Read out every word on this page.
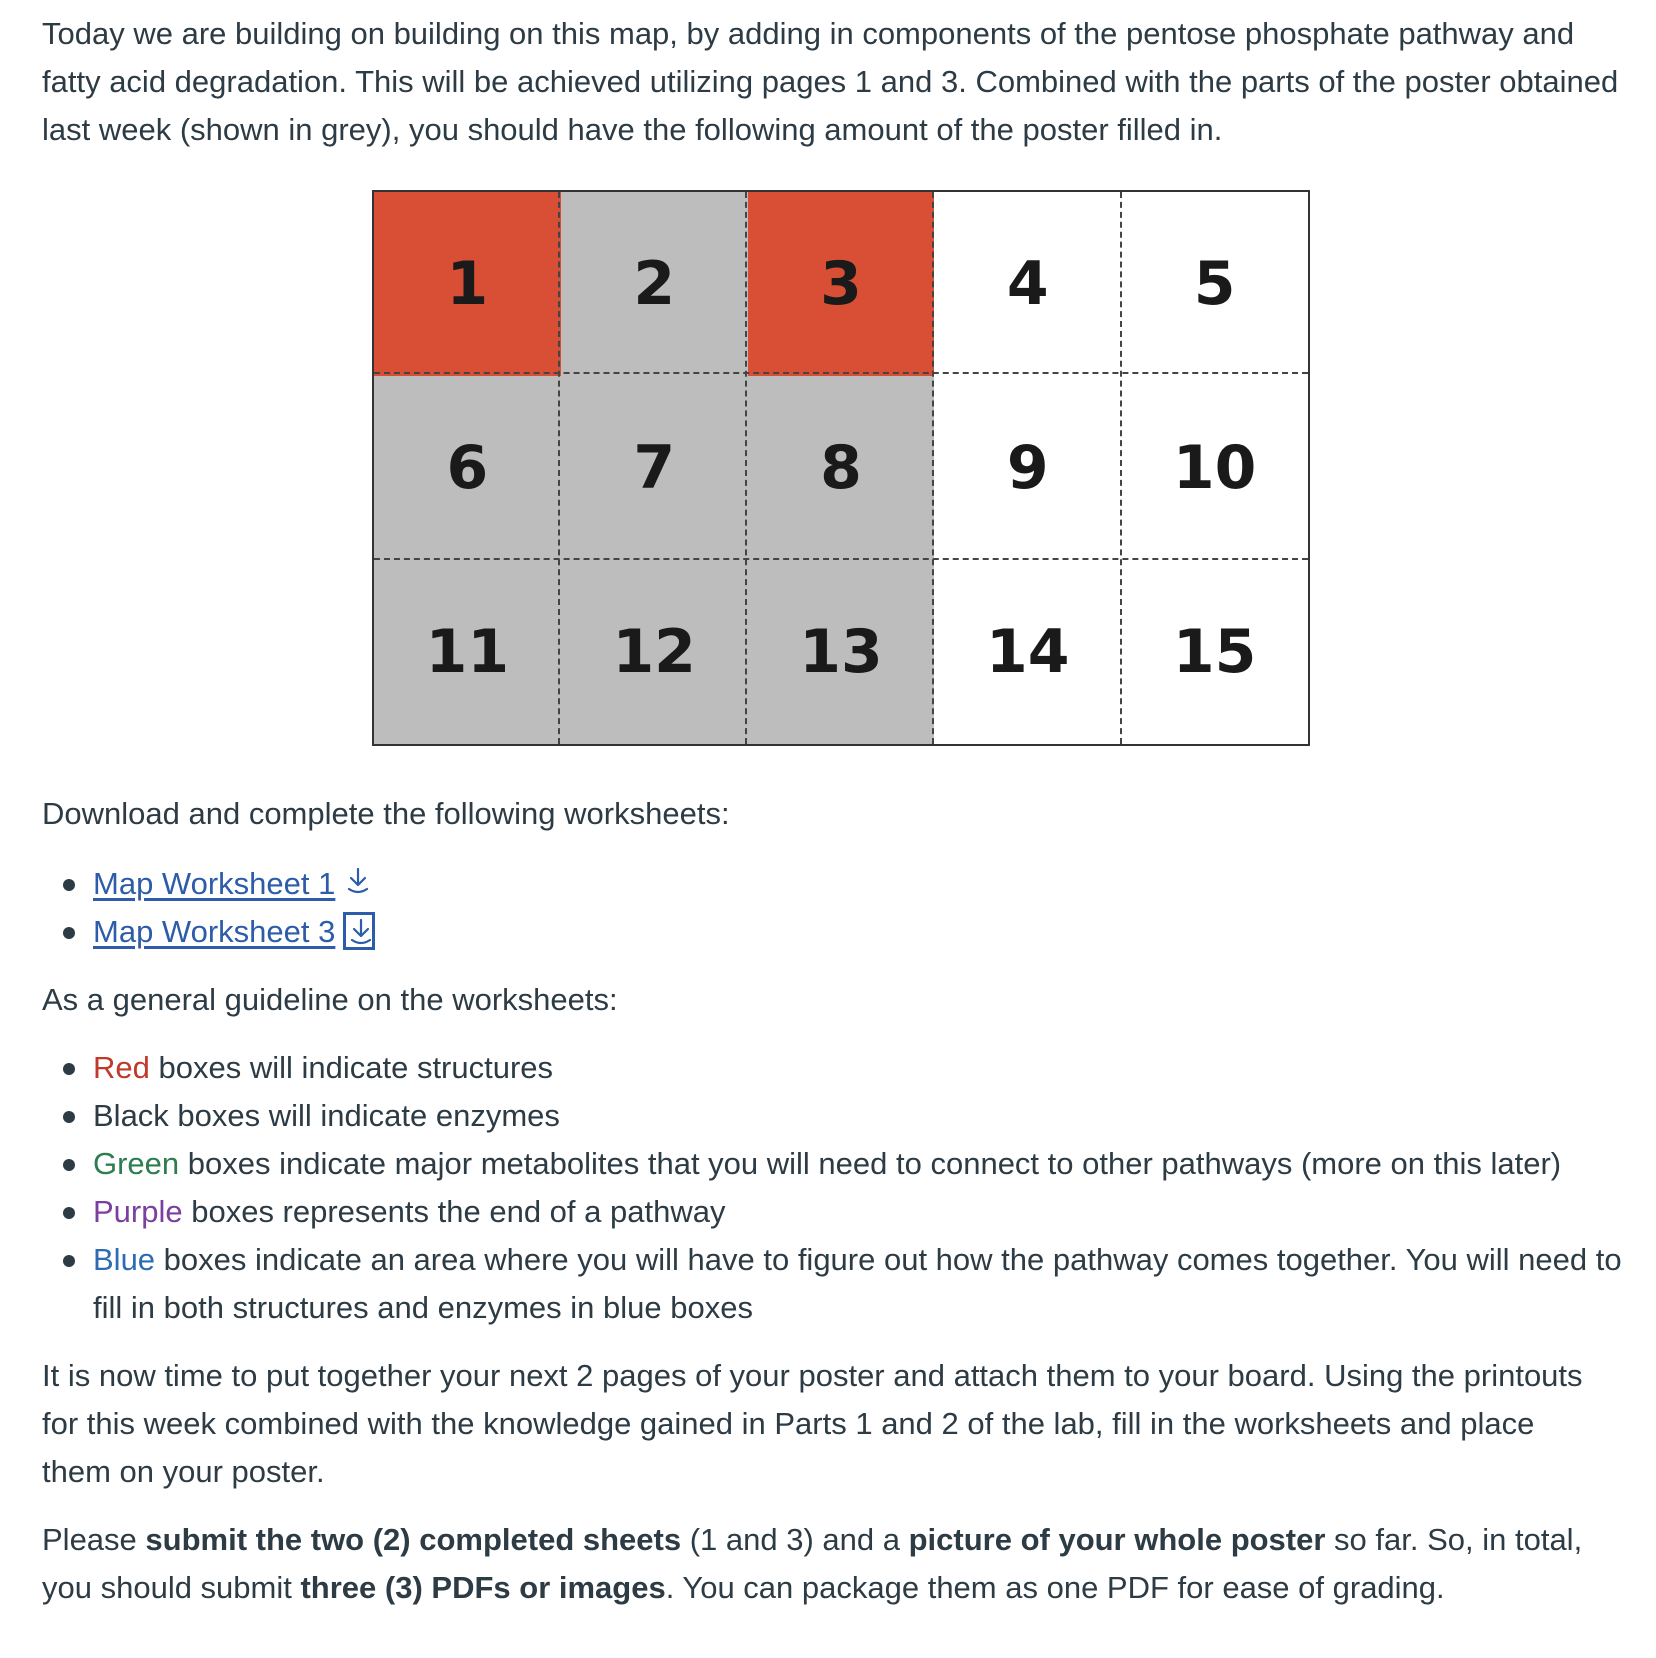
Today we are building on building on this map, by adding in components of the pentose phosphate pathway and fatty acid degradation. This will be achieved utilizing pages 1 and 3. Combined with the parts of the poster obtained last week (shown in grey), you should have the following amount of the poster filled in.

1	2	3	4	5
6	7	8	9	10
11	12	13	14	15

Download and complete the following worksheets:

Map Worksheet 1
Map Worksheet 3

As a general guideline on the worksheets:

Red boxes will indicate structures
Black boxes will indicate enzymes
Green boxes indicate major metabolites that you will need to connect to other pathways (more on this later)
Purple boxes represents the end of a pathway
Blue boxes indicate an area where you will have to figure out how the pathway comes together. You will need to fill in both structures and enzymes in blue boxes

It is now time to put together your next 2 pages of your poster and attach them to your board. Using the printouts for this week combined with the knowledge gained in Parts 1 and 2 of the lab, fill in the worksheets and place them on your poster.

Please submit the two (2) completed sheets (1 and 3) and a picture of your whole poster so far. So, in total, you should submit three (3) PDFs or images. You can package them as one PDF for ease of grading.
